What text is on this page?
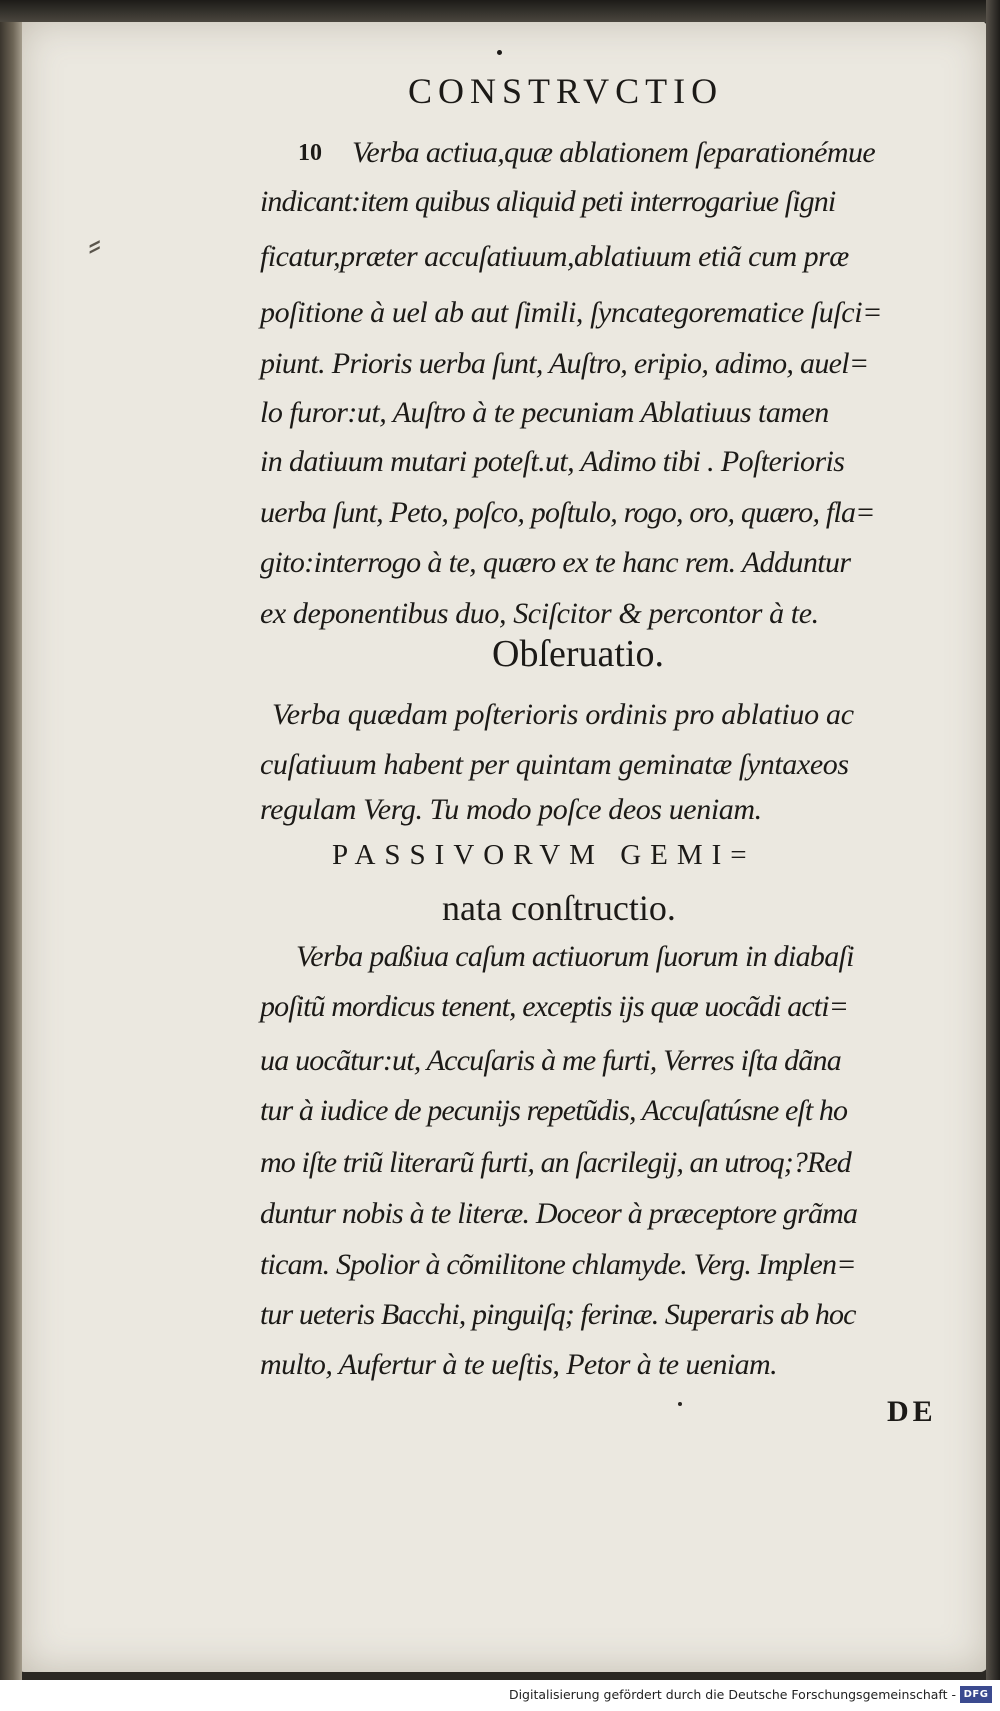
CONSTRVCTIO
⸗
10 Verba actiua,quæ ablationem ſeparationémue
indicant:item quibus aliquid peti interrogariue ſigni
ficatur,præter accuſatiuum,ablatiuum etiã cum præ
poſitione à uel ab aut ſimili, ſyncategorematice ſuſci=
piunt. Prioris uerba ſunt, Auſtro, eripio, adimo, auel=
lo furor:ut, Auſtro à te pecuniam Ablatiuus tamen
in datiuum mutari poteſt.ut, Adimo tibi . Poſterioris
uerba ſunt, Peto, poſco, poſtulo, rogo, oro, quæro, fla=
gito:interrogo à te, quæro ex te hanc rem. Adduntur
ex deponentibus duo, Sciſcitor & percontor à te.
Obſeruatio.
Verba quædam poſterioris ordinis pro ablatiuo ac
cuſatiuum habent per quintam geminatæ ſyntaxeos
regulam Verg. Tu modo poſce deos ueniam.
PASSIVORVM GEMI=
nata conſtructio.
Verba paßiua caſum actiuorum ſuorum in diabaſi
poſitũ mordicus tenent, exceptis ijs quæ uocãdi acti=
ua uocãtur:ut, Accuſaris à me furti, Verres iſta dãna
tur à iudice de pecunijs repetũdis, Accuſatúsne eſt ho
mo iſte triũ literarũ furti, an ſacrilegij, an utroq;?Red
duntur nobis à te literæ. Doceor à præceptore grãma
ticam. Spolior à cõmilitone chlamyde. Verg. Implen=
tur ueteris Bacchi, pinguiſq; ferinæ. Superaris ab hoc
multo, Aufertur à te ueſtis, Petor à te ueniam.
DE
Digitalisierung gefördert durch die Deutsche Forschungsgemeinschaft - DFG
